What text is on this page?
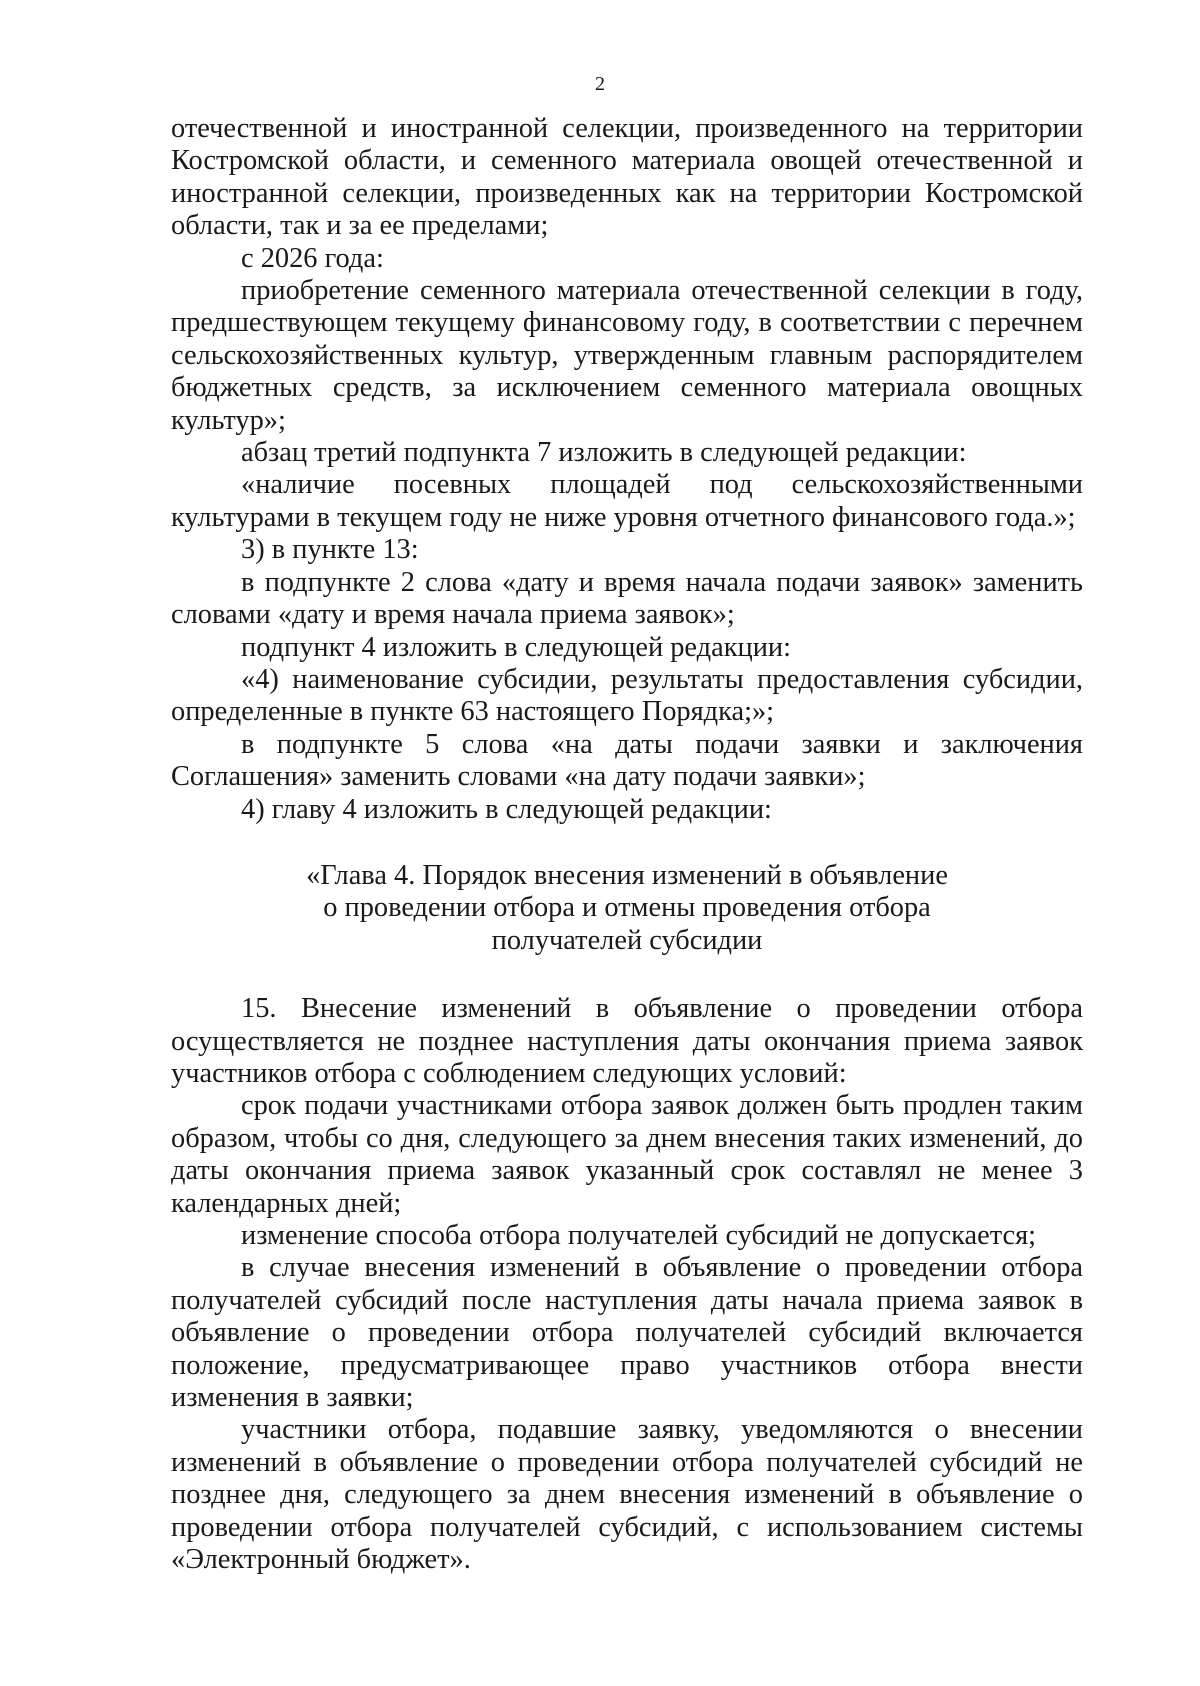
2

отечественной и иностранной селекции, произведенного на территории Костромской области, и семенного материала овощей отечественной и иностранной селекции, произведенных как на территории Костромской области, так и за ее пределами;

с 2026 года:

приобретение семенного материала отечественной селекции в году, предшествующем текущему финансовому году, в соответствии с перечнем сельскохозяйственных культур, утвержденным главным распорядителем бюджетных средств, за исключением семенного материала овощных культур»;

абзац третий подпункта 7 изложить в следующей редакции:

«наличие посевных площадей под сельскохозяйственными культурами в текущем году не ниже уровня отчетного финансового года.»;

3) в пункте 13:

в подпункте 2 слова «дату и время начала подачи заявок» заменить словами «дату и время начала приема заявок»;

подпункт 4 изложить в следующей редакции:

«4) наименование субсидии, результаты предоставления субсидии, определенные в пункте 63 настоящего Порядка;»;

в подпункте 5 слова «на даты подачи заявки и заключения Соглашения» заменить словами «на дату подачи заявки»;

4) главу 4 изложить в следующей редакции:

«Глава 4. Порядок внесения изменений в объявление
о проведении отбора и отмены проведения отбора
получателей субсидии

15. Внесение изменений в объявление о проведении отбора осуществляется не позднее наступления даты окончания приема заявок участников отбора с соблюдением следующих условий:

срок подачи участниками отбора заявок должен быть продлен таким образом, чтобы со дня, следующего за днем внесения таких изменений, до даты окончания приема заявок указанный срок составлял не менее 3 календарных дней;

изменение способа отбора получателей субсидий не допускается;

в случае внесения изменений в объявление о проведении отбора получателей субсидий после наступления даты начала приема заявок в объявление о проведении отбора получателей субсидий включается положение, предусматривающее право участников отбора внести изменения в заявки;

участники отбора, подавшие заявку, уведомляются о внесении изменений в объявление о проведении отбора получателей субсидий не позднее дня, следующего за днем внесения изменений в объявление о проведении отбора получателей субсидий, с использованием системы «Электронный бюджет».
